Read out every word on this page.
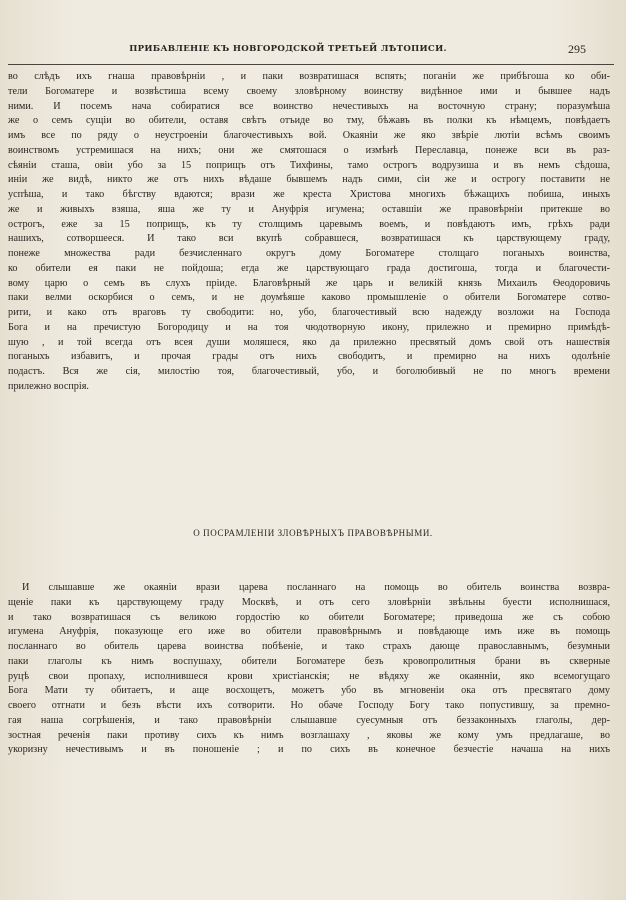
ПРИБАВЛЕНІЕ КЪ НОВГОРОДСКОЙ ТРЕТЬЕЙ ЛѢТОПИСИ.	295
во слѣдъ ихъ гнаша правовѣрніи , и паки возвратишася вспять; поганіи же прибѣгоша ко оби-
тели Богоматере и возвѣстиша всему своему зловѣрному воинству видѣнное ими и бывшее надъ
ними. И посемъ нача собиратися все воинство нечестивыхъ на восточную страну; поразумѣша
же о семъ сущіи во обители, оставя свѣтъ отъиде во тму, бѣжавъ въ полки къ нѣмцемъ, повѣдаетъ
имъ все по ряду о неустроеніи благочестивыхъ вой. Окаяніи же яко звѣріе лютіи всѣмъ своимъ
воинствомъ устремишася на нихъ; они же смятошася о измѣнѣ Переславца, понеже вси въ раз-
сѣяніи сташа, овіи убо за 15 поприщъ отъ Тихфины, тамо острогъ водрузиша и въ немъ сѣдоша,
иніи же видѣ, никто же отъ нихъ вѣдаше бывшемъ надъ сими, сіи же и острогу поставити не
успѣша, и тако бѣгству вдаются; врази же креста Христова многихъ бѣжащихъ побиша, иныхъ
же и живыхъ взяша, яша же ту и Ануфрія игумена; оставшіи же правовѣрніи притекше во
острогъ, еже за 15 поприщъ, къ ту столщимъ царевымъ воемъ, и повѣдаютъ имъ, грѣхъ ради
нашихъ, сотворшееся. И тако вси вкупѣ собравшеся, возвратишася къ царствующему граду,
понеже множества ради безчисленнаго округъ дому Богоматере столщаго поганыхъ воинства,
ко обители ея паки не пойдоша; егда же царствующаго града достигоша, тогда и благочести-
вому царю о семъ въ слухъ пріиде. Благовѣрный же царь и великій князь Михаилъ Ѳеодоровичь
паки велми оскорбися о семъ, и не доумѣяше каково промышленіе о обители Богоматере сотво-
рити, и како отъ враговъ ту свободити: но, убо, благочестивый всю надежду возложи на Господа
Бога и на пречистую Богородицу и на тоя чюдотворную икону, прилежно и премирно примѣдѣ-
шую , и той всегда отъ всея души моляшеся, яко да прилежно пресвятый домъ свой отъ нашествія
поганыхъ избавитъ, и прочая грады отъ нихъ свободитъ, и премирно на нихъ одолѣніе
подастъ. Вся же сія, милостію тоя, благочестивый, убо, и боголюбивый не по многъ времени
прилежно воспрія.
О ПОСРАМЛЕНІИ ЗЛОВѢРНЫХЪ ПРАВОВѢРНЫМИ.
И слышавше же окаяніи врази царева посланнаго на помощь во обитель воинства возвра-
щеніе паки къ царствующему граду Москвѣ, и отъ сего зловѣрніи звѣльны буести исполнишася,
и тако возвратишася съ великою гордостію ко обители Богоматере; приведоша же съ собою
игумена Ануфрія, показующе его иже во обители правовѣрнымъ и повѣдающе имъ иже въ помощь
посланнаго во обитель царева воинства побѣеніе, и тако страхъ дающе православнымъ, безумныи
паки глаголы къ нимъ воспушаху, обители Богоматере безъ кровопролитныя брани въ скверные
руцѣ свои пропаху, исполнившеся крови христіанскія; не вѣдяху же окаянніи, яко всемогущаго
Бога Мати ту обитаетъ, и аще восхощетъ, можетъ убо въ мгновеніи ока отъ пресвятаго дому
своего отгнати и безъ вѣсти ихъ сотворити. Но обаче Господу Богу тако попустившу, за премно-
гая наша согрѣшенія, и тако правовѣрніи слышавше суесумныя отъ беззаконныхъ глаголы, дер-
зостная реченія паки противу сихъ къ нимъ возглашаху , яковы же кому умъ предлагаше, во
укоризну нечестивымъ и въ поношеніе ; и по сихъ въ конечное безчестіе начаша на нихъ
